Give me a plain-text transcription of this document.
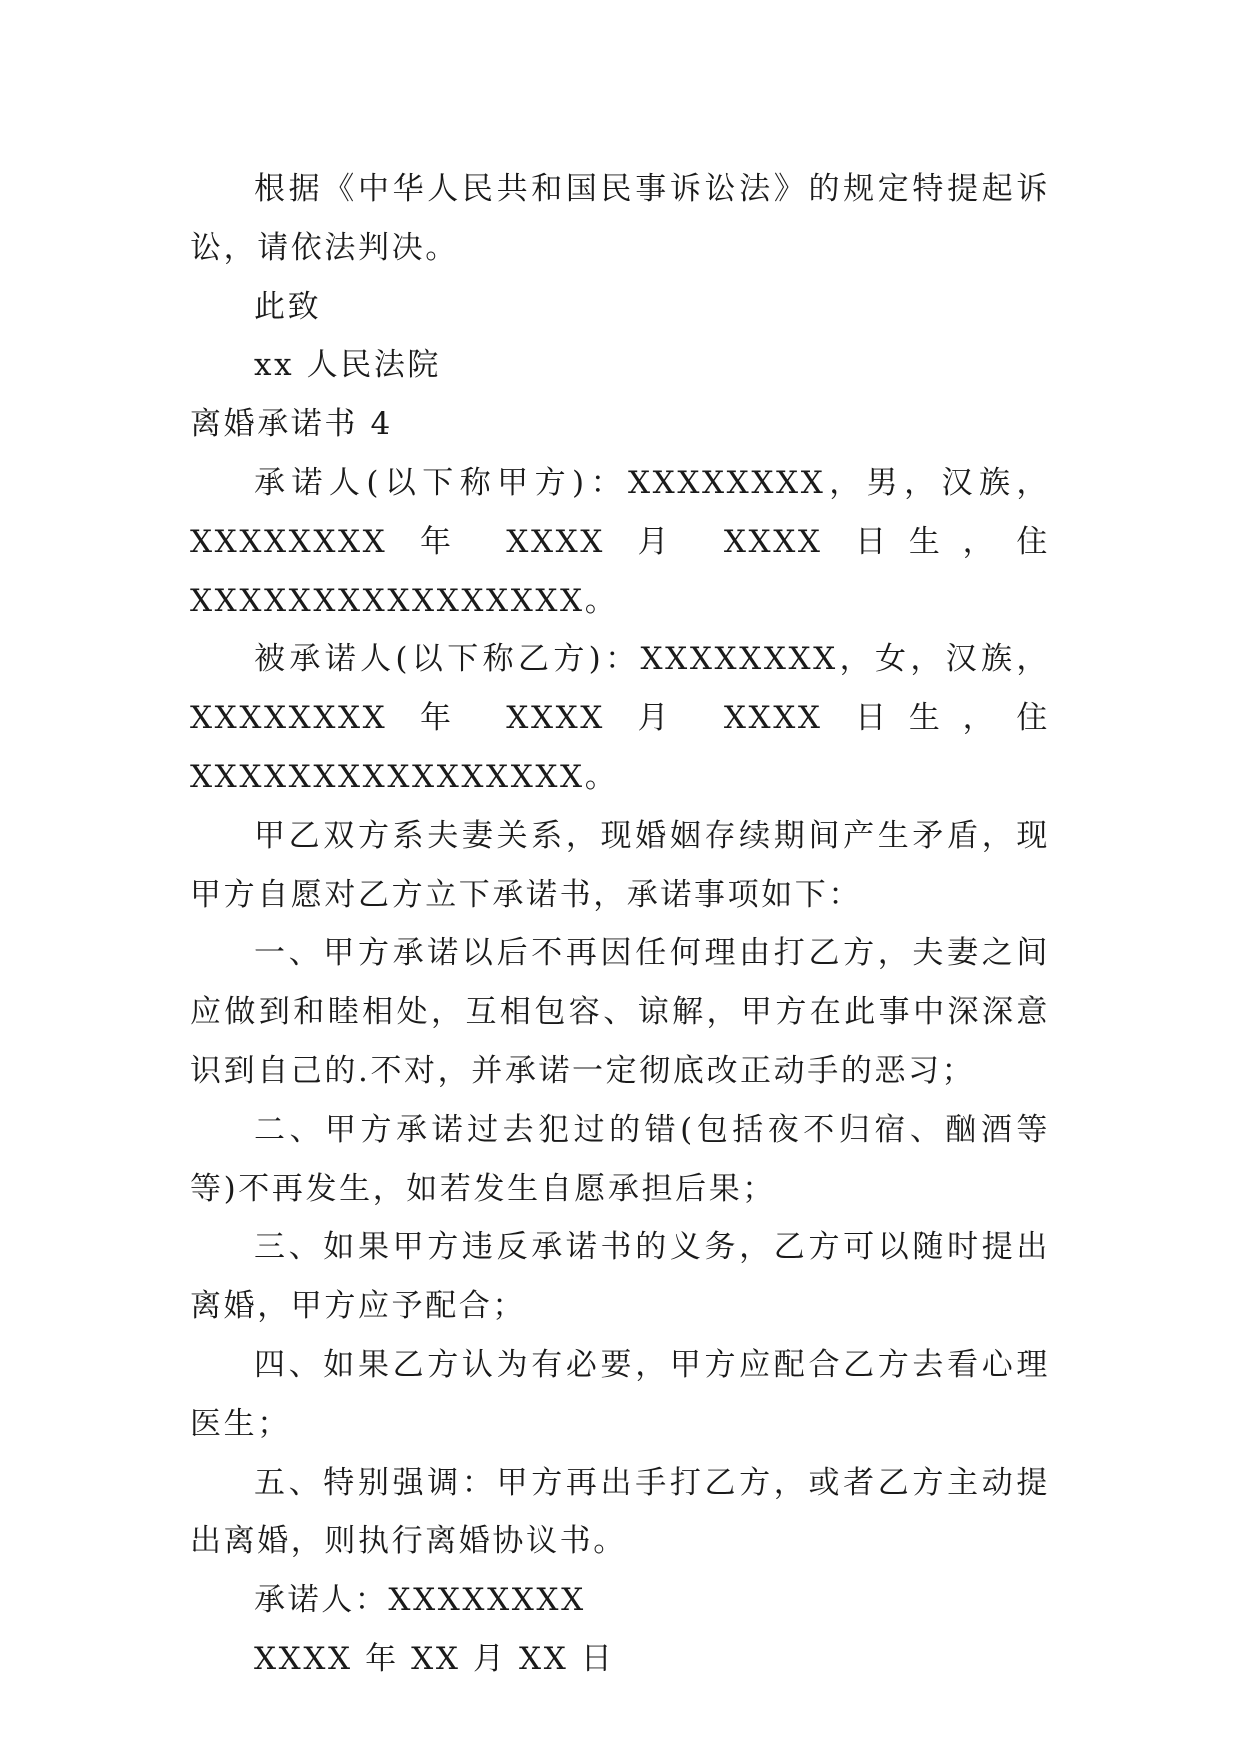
根据《中华人民共和国民事诉讼法》的规定特提起诉讼，请依法判决。

此致

xx 人民法院

离婚承诺书 4

承诺人(以下称甲方)：XXXXXXXX，男，汉族，XXXXXXXX 年 XXXX 月 XXXX 日生，住 XXXXXXXXXXXXXXXX。

被承诺人(以下称乙方)：XXXXXXXX，女，汉族，XXXXXXXX 年 XXXX 月 XXXX 日生，住 XXXXXXXXXXXXXXXX。

甲乙双方系夫妻关系，现婚姻存续期间产生矛盾，现甲方自愿对乙方立下承诺书，承诺事项如下：

一、甲方承诺以后不再因任何理由打乙方，夫妻之间应做到和睦相处，互相包容、谅解，甲方在此事中深深意识到自己的.不对，并承诺一定彻底改正动手的恶习；

二、甲方承诺过去犯过的错(包括夜不归宿、酗酒等等)不再发生，如若发生自愿承担后果；

三、如果甲方违反承诺书的义务，乙方可以随时提出离婚，甲方应予配合；

四、如果乙方认为有必要，甲方应配合乙方去看心理医生；

五、特别强调：甲方再出手打乙方，或者乙方主动提出离婚，则执行离婚协议书。

承诺人：XXXXXXXX

XXXX 年 XX 月 XX 日
